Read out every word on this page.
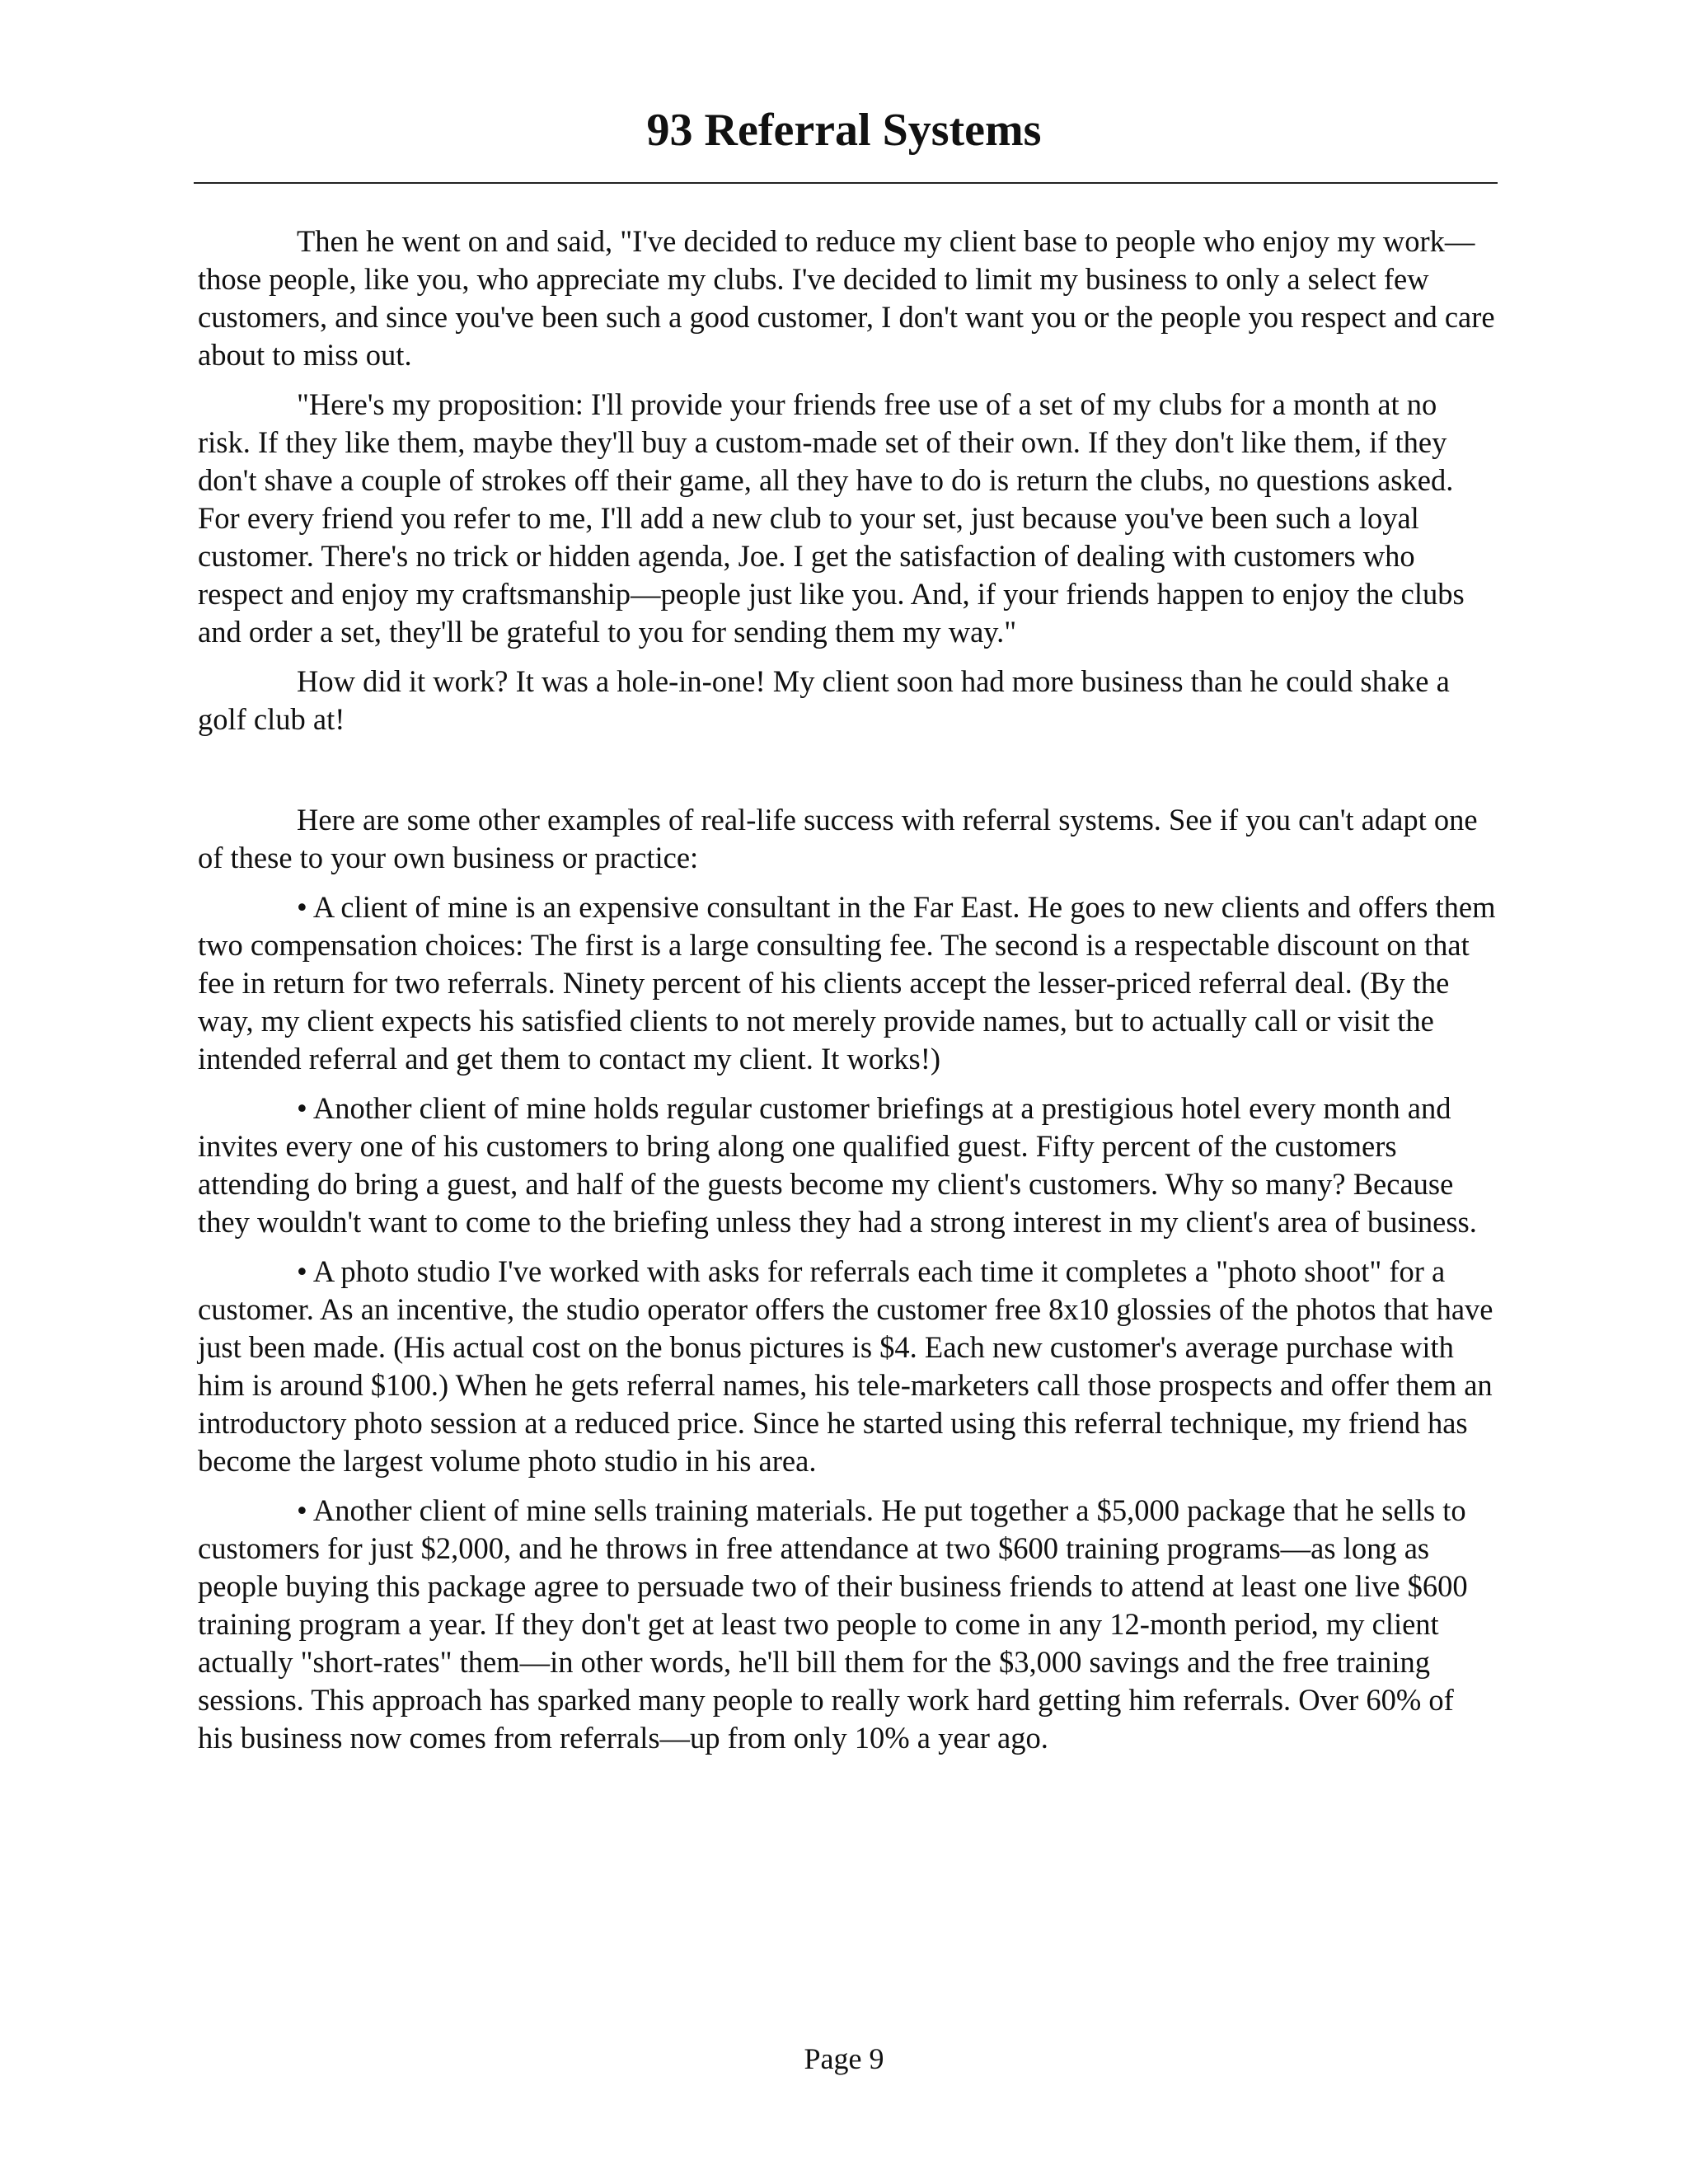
93 Referral Systems

Then he went on and said, "I've decided to reduce my client base to people who enjoy my work—those people, like you, who appreciate my clubs. I've decided to limit my business to only a select few customers, and since you've been such a good customer, I don't want you or the people you respect and care about to miss out.

"Here's my proposition: I'll provide your friends free use of a set of my clubs for a month at no risk. If they like them, maybe they'll buy a custom-made set of their own. If they don't like them, if they don't shave a couple of strokes off their game, all they have to do is return the clubs, no questions asked. For every friend you refer to me, I'll add a new club to your set, just because you've been such a loyal customer. There's no trick or hidden agenda, Joe. I get the satisfaction of dealing with customers who respect and enjoy my craftsmanship—people just like you. And, if your friends happen to enjoy the clubs and order a set, they'll be grateful to you for sending them my way."

How did it work? It was a hole-in-one! My client soon had more business than he could shake a golf club at!

Here are some other examples of real-life success with referral systems. See if you can't adapt one of these to your own business or practice:

• A client of mine is an expensive consultant in the Far East. He goes to new clients and offers them two compensation choices: The first is a large consulting fee. The second is a respectable discount on that fee in return for two referrals. Ninety percent of his clients accept the lesser-priced referral deal. (By the way, my client expects his satisfied clients to not merely provide names, but to actually call or visit the intended referral and get them to contact my client. It works!)

• Another client of mine holds regular customer briefings at a prestigious hotel every month and invites every one of his customers to bring along one qualified guest. Fifty percent of the customers attending do bring a guest, and half of the guests become my client's customers. Why so many? Because they wouldn't want to come to the briefing unless they had a strong interest in my client's area of business.

• A photo studio I've worked with asks for referrals each time it completes a "photo shoot" for a customer. As an incentive, the studio operator offers the customer free 8x10 glossies of the photos that have just been made. (His actual cost on the bonus pictures is $4. Each new customer's average purchase with him is around $100.) When he gets referral names, his tele-marketers call those prospects and offer them an introductory photo session at a reduced price. Since he started using this referral technique, my friend has become the largest volume photo studio in his area.

• Another client of mine sells training materials. He put together a $5,000 package that he sells to customers for just $2,000, and he throws in free attendance at two $600 training programs—as long as people buying this package agree to persuade two of their business friends to attend at least one live $600 training program a year. If they don't get at least two people to come in any 12-month period, my client actually "short-rates" them—in other words, he'll bill them for the $3,000 savings and the free training sessions. This approach has sparked many people to really work hard getting him referrals. Over 60% of his business now comes from referrals—up from only 10% a year ago.

Page 9
